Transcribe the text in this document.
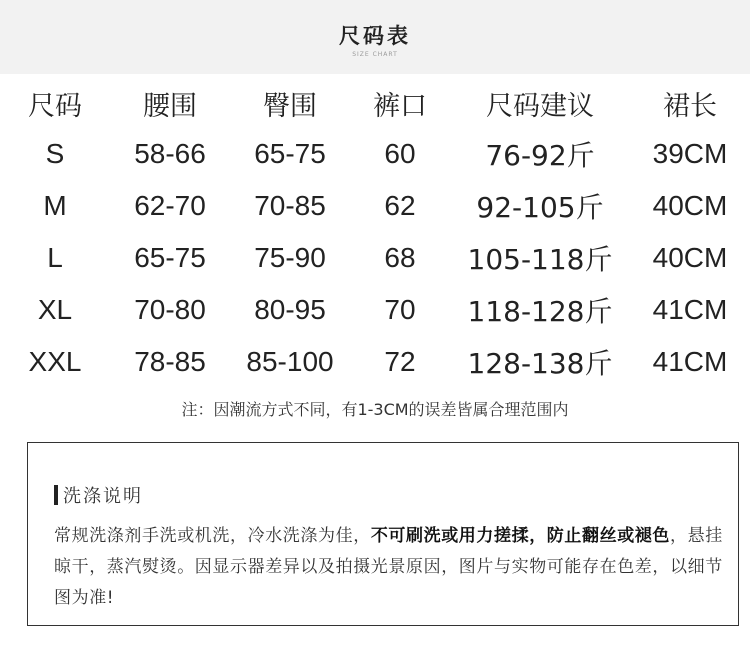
尺码表
SIZE CHART
尺码	腰围	臀围	裤口	尺码建议	裙长
S	58-66	65-75	60	76-92斤	39CM
M	62-70	70-85	62	92-105斤	40CM
L	65-75	75-90	68	105-118斤	40CM
XL	70-80	80-95	70	118-128斤	41CM
XXL	78-85	85-100	72	128-138斤	41CM
注：因潮流方式不同，有1-3CM的误差皆属合理范围内
洗涤说明
常规洗涤剂手洗或机洗，冷水洗涤为佳，不可刷洗或用力搓揉，防止翻丝或褪色，悬挂晾干，蒸汽熨烫。因显示器差异以及拍摄光景原因，图片与实物可能存在色差，以细节图为准!
